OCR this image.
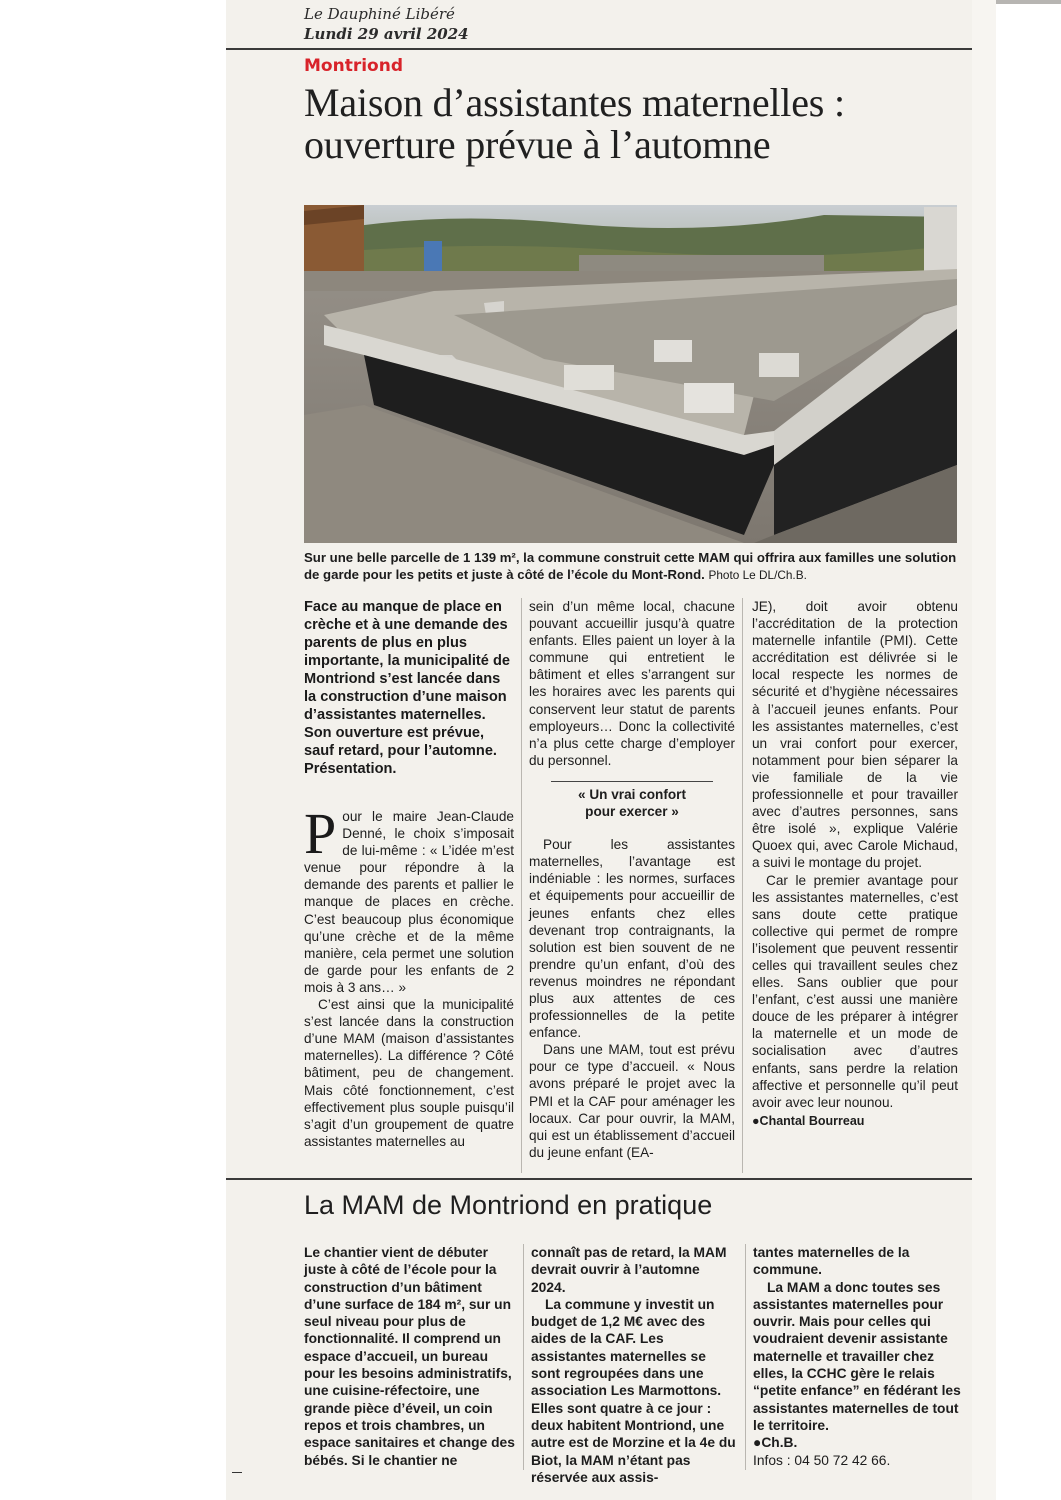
Le Dauphiné Libéré
Lundi 29 avril 2024
Montriond
Maison d’assistantes maternelles :
ouverture prévue à l’automne

Sur une belle parcelle de 1 139 m², la commune construit cette MAM qui offrira aux familles une solution de garde pour les petits et juste à côté de l’école du Mont-Rond. Photo Le DL/Ch.B.

Face au manque de place en crèche et à une demande des parents de plus en plus importante, la municipalité de Montriond s’est lancée dans la construction d’une maison d’assistantes maternelles. Son ouverture est prévue, sauf retard, pour l’automne. Présentation.

P our le maire Jean-Claude Denné, le choix s’imposait de lui-même : « L’idée m’est venue pour répondre à la demande des parents et pallier le manque de places en crèche. C’est beaucoup plus économique qu’une crèche et de la même manière, cela permet une solution de garde pour les enfants de 2 mois à 3 ans… »

C’est ainsi que la municipalité s’est lancée dans la construction d’une MAM (maison d’assistantes maternelles). La différence ? Côté bâtiment, peu de changement. Mais côté fonctionnement, c’est effectivement plus souple puisqu’il s’agit d’un groupement de quatre assistantes maternelles au

sein d’un même local, chacune pouvant accueillir jusqu’à quatre enfants. Elles paient un loyer à la commune qui entretient le bâtiment et elles s’arrangent sur les horaires avec les parents qui conservent leur statut de parents employeurs… Donc la collectivité n’a plus cette charge d’employer du personnel.

« Un vrai confort
pour exercer »

Pour les assistantes maternelles, l’avantage est indéniable : les normes, surfaces et équipements pour accueillir de jeunes enfants chez elles devenant trop contraignants, la solution est bien souvent de ne prendre qu’un enfant, d’où des revenus moindres ne répondant plus aux attentes de ces professionnelles de la petite enfance.

Dans une MAM, tout est prévu pour ce type d’accueil. « Nous avons préparé le projet avec la PMI et la CAF pour aménager les locaux. Car pour ouvrir, la MAM, qui est un établissement d’accueil du jeune enfant (EA-

JE), doit avoir obtenu l’accréditation de la protection maternelle infantile (PMI). Cette accréditation est délivrée si le local respecte les normes de sécurité et d’hygiène nécessaires à l’accueil jeunes enfants. Pour les assistantes maternelles, c’est un vrai confort pour exercer, notamment pour bien séparer la vie familiale de la vie professionnelle et pour travailler avec d’autres personnes, sans être isolé », explique Valérie Quoex qui, avec Carole Michaud, a suivi le montage du projet.

Car le premier avantage pour les assistantes maternelles, c’est sans doute cette pratique collective qui permet de rompre l’isolement que peuvent ressentir celles qui travaillent seules chez elles. Sans oublier que pour l’enfant, c’est aussi une manière douce de les préparer à intégrer la maternelle et un mode de socialisation avec d’autres enfants, sans perdre la relation affective et personnelle qu’il peut avoir avec leur nounou.

●Chantal Bourreau
La MAM de Montriond en pratique

Le chantier vient de débuter juste à côté de l’école pour la construction d’un bâtiment d’une surface de 184 m², sur un seul niveau pour plus de fonctionnalité. Il comprend un espace d’accueil, un bureau pour les besoins administratifs, une cuisine-réfectoire, une grande pièce d’éveil, un coin repos et trois chambres, un espace sanitaires et change des bébés. Si le chantier ne

connaît pas de retard, la MAM devrait ouvrir à l’automne 2024.

La commune y investit un budget de 1,2 M€ avec des aides de la CAF. Les assistantes maternelles se sont regroupées dans une association Les Marmottons. Elles sont quatre à ce jour : deux habitent Montriond, une autre est de Morzine et la 4e du Biot, la MAM n’étant pas réservée aux assis-

tantes maternelles de la commune.

La MAM a donc toutes ses assistantes maternelles pour ouvrir. Mais pour celles qui voudraient devenir assistante maternelle et travailler chez elles, la CCHC gère le relais “petite enfance” en fédérant les assistantes maternelles de tout le territoire.

●Ch.B.
Infos : 04 50 72 42 66.
